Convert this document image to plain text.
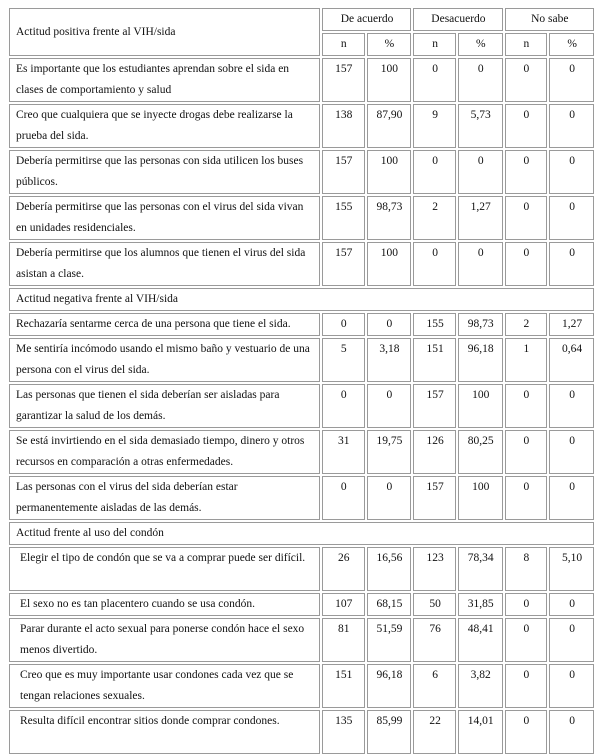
Actitud positiva frente al VIH/sida	De acuerdo		Desacuerdo		No sabe	
	n	%	n	%	n	%
Es importante que los estudiantes aprendan sobre el sida en clases de comportamiento y salud	157	100	0	0	0	0
Creo que cualquiera que se inyecte drogas debe realizarse la prueba del sida.	138	87,90	9	5,73	0	0
Debería permitirse que las personas con sida utilicen los buses públicos.	157	100	0	0	0	0
Debería permitirse que las personas con el virus del sida vivan en unidades residenciales.	155	98,73	2	1,27	0	0
Debería permitirse que los alumnos que tienen el virus del sida asistan a clase.	157	100	0	0	0	0
Actitud negativa frente al VIH/sida						
Rechazaría sentarme cerca de una persona que tiene el sida.	0	0	155	98,73	2	1,27
Me sentiría incómodo usando el mismo baño y vestuario de una persona con el virus del sida.	5	3,18	151	96,18	1	0,64
Las personas que tienen el sida deberían ser aisladas para garantizar la salud de los demás.	0	0	157	100	0	0
Se está invirtiendo en el sida demasiado tiempo, dinero y otros recursos en comparación a otras enfermedades.	31	19,75	126	80,25	0	0
Las personas con el virus del sida deberían estar permanentemente aisladas de las demás.	0	0	157	100	0	0
Actitud frente al uso del condón						
Elegir el tipo de condón que se va a comprar puede ser difícil.	26	16,56	123	78,34	8	5,10
El sexo no es tan placentero cuando se usa condón.	107	68,15	50	31,85	0	0
Parar durante el acto sexual para ponerse condón hace el sexo menos divertido.	81	51,59	76	48,41	0	0
Creo que es muy importante usar condones cada vez que se tengan relaciones sexuales.	151	96,18	6	3,82	0	0
Resulta difícil encontrar sitios donde comprar condones.	135	85,99	22	14,01	0	0
